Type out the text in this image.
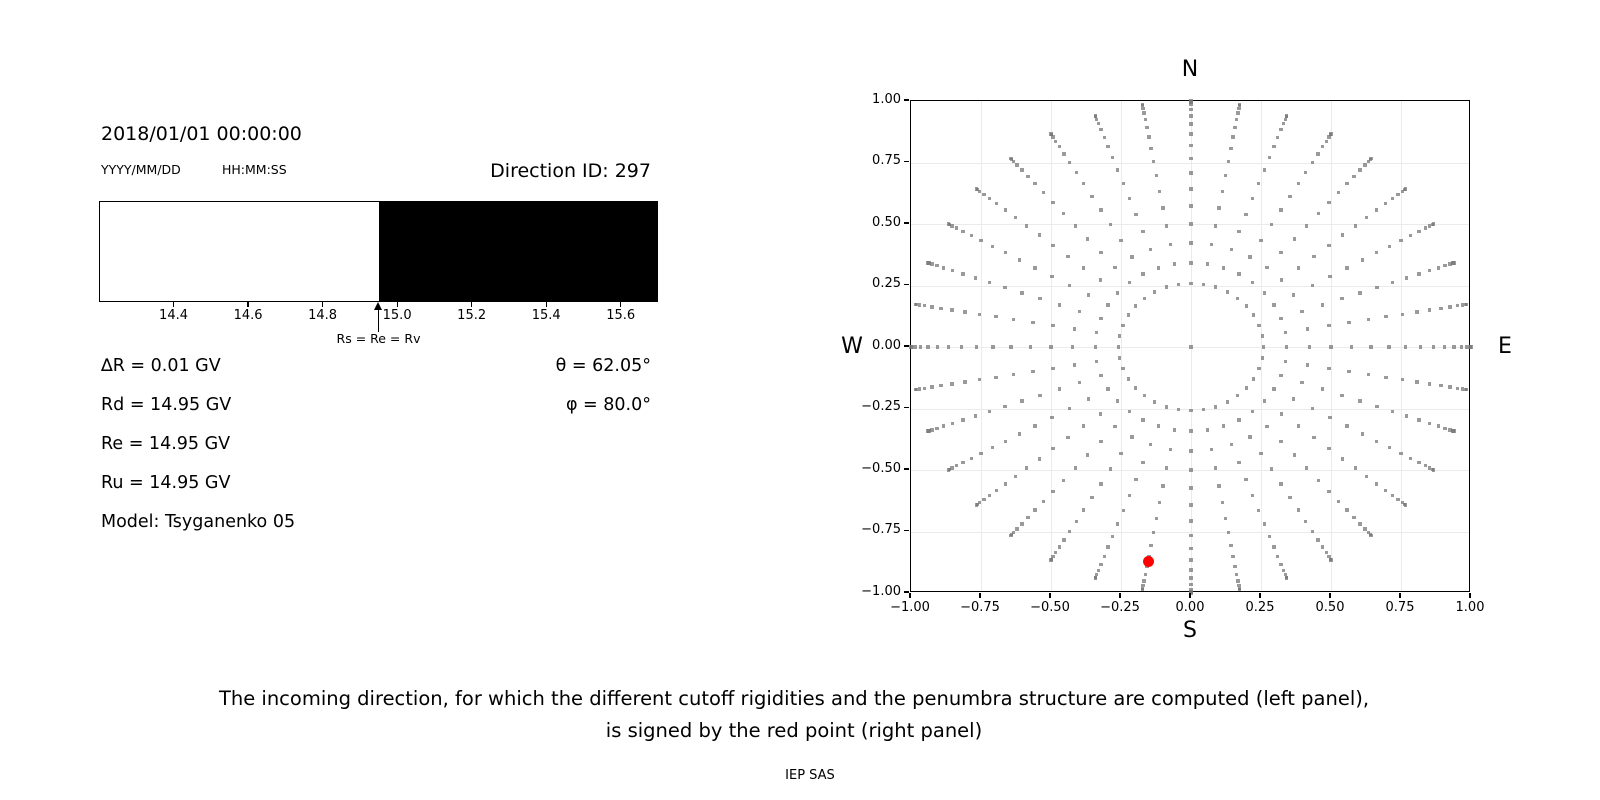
2018/01/01 00:00:00
YYYY/MM/DD	HH:MM:SS	Direction ID: 297
14.4	14.6	14.8	15.0	15.2	15.4	15.6
Rs = Re = Rv
∆R = 0.01 GV
Rd = 14.95 GV
Re = 14.95 GV
Ru = 14.95 GV
Model: Tsyganenko 05
θ = 62.05°
φ = 80.0°
N
S
W	E
−1.00	−0.75	−0.50	−0.25	0.00	0.25	0.50	0.75	1.00
1.00
0.75
0.50
0.25
0.00
−0.25
−0.50
−0.75
−1.00
The incoming direction, for which the different cutoff rigidities and the penumbra structure are computed (left panel),
is signed by the red point (right panel)
IEP SAS
